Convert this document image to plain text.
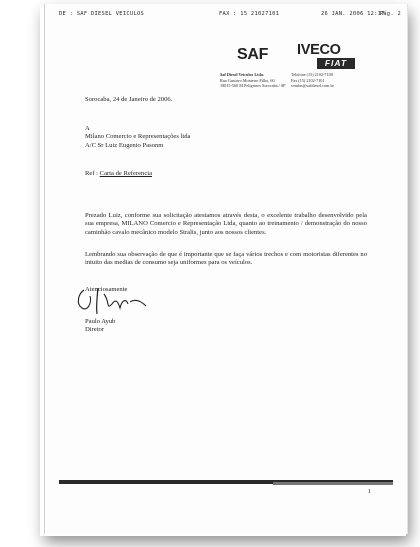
DE : SAF DIESEL VEICULOS	FAX : 15 21027101	26 JAN. 2006 12:17
Pág. 2
SAF IVECO
FIAT
Saf Diesel Veículos Ltda.
Rua Gustavo Monteiro Filho, 60
18015-560 M.Peligrinos Sorocaba / SP
Telefone (15) 2102-7100
Fax (15) 2102-7101
vendas@safdiesel.com.br
Sorocaba, 24 de Janeiro de 2006.
A
Milano Comercio e Representações ltda
A/C Sr Luiz Eugenio Pasonm
Ref : Carta de Referencia
Prezado Luiz, conforme sua solicitação atestamos através desta, o excelente trabalho desenvolvido pela sua empresa, MILANO Comercio e Representação Ltda, quanto ao treinamento / demonstração do nosso caminhão cavalo mecânico modelo Stralis, junto aos nossos clientes.
Lembrando sua observação de que é importante que se faça vários trechos e com motoristas diferentes no intuito das medias de consumo seja uniformes para os veículos.
Atenciosamente
Paulo Ayub
Diretor
1
